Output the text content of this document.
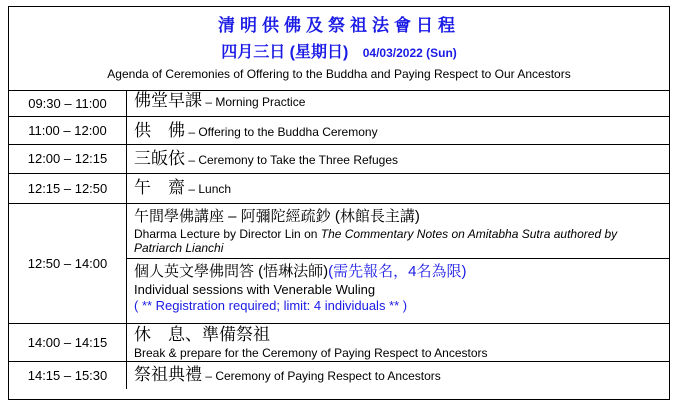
清明供佛及祭祖法會日程
四月三日 (星期日) 04/03/2022 (Sun)
Agenda of Ceremonies of Offering to the Buddha and Paying Respect to Our Ancestors
09:30 – 11:00	佛堂早課 – Morning Practice

11:00 – 12:00	供　佛 – Offering to the Buddha Ceremony

12:00 – 12:15	三皈依 – Ceremony to Take the Three Refuges

12:15 – 12:50	午　齋 – Lunch

12:50 – 14:00	午間學佛講座 – 阿彌陀經疏鈔 (林館長主講)
Dharma Lecture by Director Lin on The Commentary Notes on Amitabha Sutra authored by Patriarch Lianchi
個人英文學佛問答 (悟琳法師)(需先報名，4名為限)
Individual sessions with Venerable Wuling
( ** Registration required; limit: 4 individuals ** )

14:00 – 14:15	休　息、準備祭祖
Break & prepare for the Ceremony of Paying Respect to Ancestors

14:15 – 15:30	祭祖典禮 – Ceremony of Paying Respect to Ancestors
